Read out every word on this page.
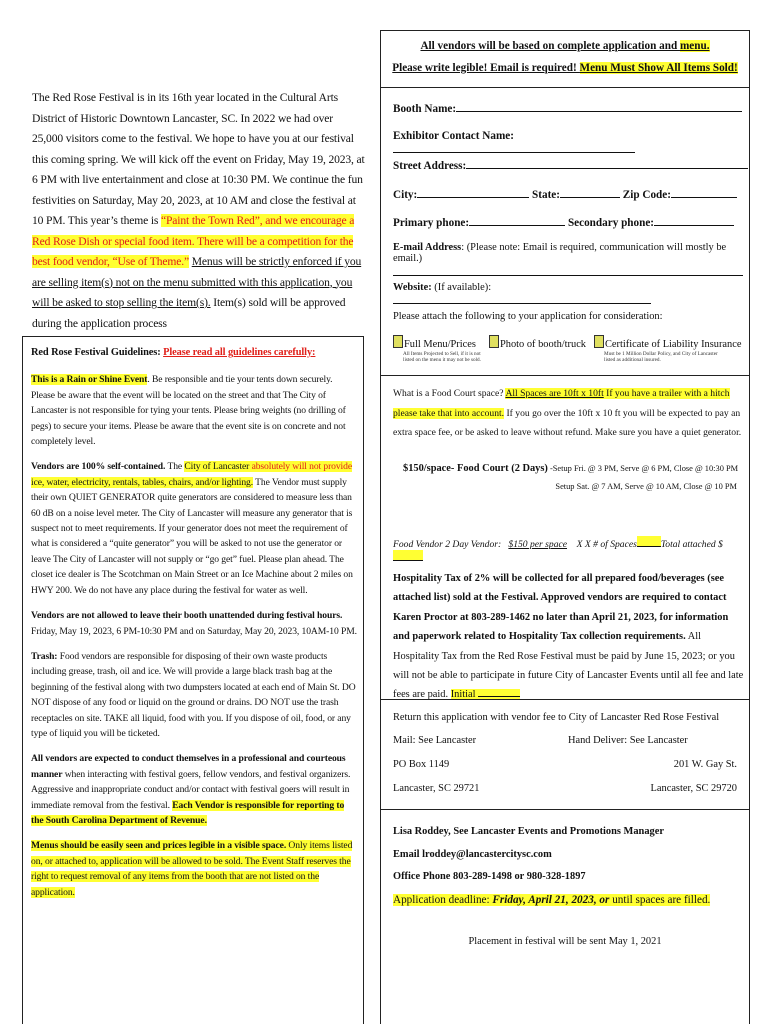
The Red Rose Festival is in its 16th year located in the Cultural Arts District of Historic Downtown Lancaster, SC. In 2022 we had over 25,000 visitors come to the festival. We hope to have you at our festival this coming spring. We will kick off the event on Friday, May 19, 2023, at 6 PM with live entertainment and close at 10:30 PM. We continue the fun festivities on Saturday, May 20, 2023, at 10 AM and close the festival at 10 PM. This year’s theme is “Paint the Town Red”, and we encourage a Red Rose Dish or special food item. There will be a competition for the best food vendor, “Use of Theme.” Menus will be strictly enforced if you are selling item(s) not on the menu submitted with this application, you will be asked to stop selling the item(s). Item(s) sold will be approved during the application process
Red Rose Festival Guidelines: Please read all guidelines carefully:

This is a Rain or Shine Event. Be responsible and tie your tents down securely. Please be aware that the event will be located on the street and that The City of Lancaster is not responsible for tying your tents. Please bring weights (no drilling of pegs) to secure your items. Please be aware that the event site is on concrete and not completely level.

Vendors are 100% self-contained. The City of Lancaster absolutely will not provide ice, water, electricity, rentals, tables, chairs, and/or lighting. The Vendor must supply their own QUIET GENERATOR quite generators are considered to measure less than 60 dB on a noise level meter. The City of Lancaster will measure any generator that is suspect not to meet requirements. If your generator does not meet the requirement of what is considered a “quite generator” you will be asked to not use the generator or leave The City of Lancaster will not supply or “go get” fuel. Please plan ahead. The closet ice dealer is The Scotchman on Main Street or an Ice Machine about 2 miles on HWY 200. We do not have any place during the festival for water as well.

Vendors are not allowed to leave their booth unattended during festival hours. Friday, May 19, 2023, 6 PM-10:30 PM and on Saturday, May 20, 2023, 10AM-10 PM.

Trash: Food vendors are responsible for disposing of their own waste products including grease, trash, oil and ice. We will provide a large black trash bag at the beginning of the festival along with two dumpsters located at each end of Main St. DO NOT dispose of any food or liquid on the ground or drains. DO NOT use the trash receptacles on site. TAKE all liquid, food with you. If you dispose of oil, food, or any type of liquid you will be ticketed.

All vendors are expected to conduct themselves in a professional and courteous manner when interacting with festival goers, fellow vendors, and festival organizers. Aggressive and inappropriate conduct and/or contact with festival goers will result in immediate removal from the festival. Each Vendor is responsible for reporting to the South Carolina Department of Revenue.

Menus should be easily seen and prices legible in a visible space. Only items listed on, or attached to, application will be allowed to be sold. The Event Staff reserves the right to request removal of any items from the booth that are not listed on the application.

All vendors will be based on complete application and menu.
Please write legible! Email is required! Menu Must Show All Items Sold!
Booth Name:
Exhibitor Contact Name:
Street Address:
City:	State:	Zip Code:
Primary phone:	Secondary phone:
E-mail Address: (Please note: Email is required, communication will mostly be email.)
Website: (If available):
Please attach the following to your application for consideration:
Full Menu/Prices
All Items Projected to Sell, if it is not listed on the menu it may not be sold.
Photo of booth/truck	Certificate of Liability Insurance
Must be 1 Million Dollar Policy, and City of Lancaster listed as additional insured.
What is a Food Court space? All Spaces are 10ft x 10ft If you have a trailer with a hitch please take that into account. If you go over the 10ft x 10 ft you will be expected to pay an extra space fee, or be asked to leave without refund. Make sure you have a quiet generator.
$150/space- Food Court (2 Days) -Setup Fri. @ 3 PM, Serve @ 6 PM, Close @ 10:30 PM
Setup Sat. @ 7 AM, Serve @ 10 AM, Close @ 10 PM
Food Vendor 2 Day Vendor: $150 per space    X X # of Spaces	Total attached $
Hospitality Tax of 2% will be collected for all prepared food/beverages (see attached list) sold at the Festival. Approved vendors are required to contact Karen Proctor at 803-289-1462 no later than April 21, 2023, for information and paperwork related to Hospitality Tax collection requirements. All Hospitality Tax from the Red Rose Festival must be paid by June 15, 2023; or you will not be able to participate in future City of Lancaster Events until all fee and late fees are paid. Initial
Return this application with vendor fee to City of Lancaster Red Rose Festival
Mail: See Lancaster	Hand Deliver: See Lancaster
PO Box 1149	201 W. Gay St.
Lancaster, SC 29721	Lancaster, SC 29720
Lisa Roddey, See Lancaster Events and Promotions Manager
Email lroddey@lancastercitysc.com
Office Phone 803-289-1498 or 980-328-1897
Application deadline: Friday, April 21, 2023, or until spaces are filled.
Placement in festival will be sent May 1, 2021
